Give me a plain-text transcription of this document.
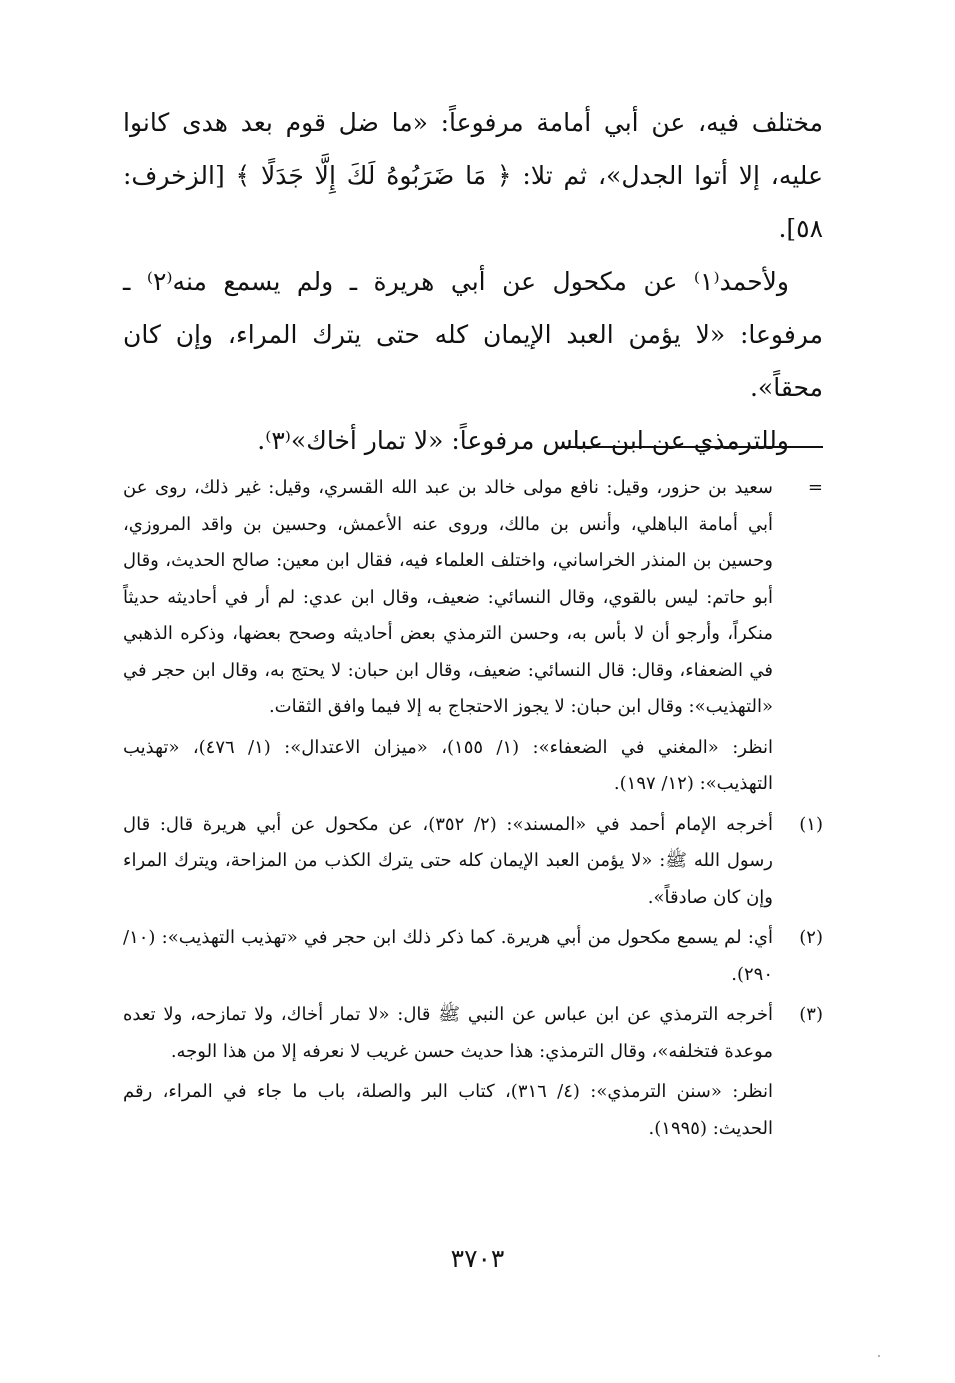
مختلف فيه، عن أبي أمامة مرفوعاً: «ما ضل قوم بعد هدى كانوا عليه، إلا أتوا الجدل»، ثم تلا: ﴿ مَا ضَرَبُوهُ لَكَ إِلَّا جَدَلًا ﴾ [الزخرف: ٥٨].

ولأحمد⁽١⁾ عن مكحول عن أبي هريرة ـ ولم يسمع منه⁽٢⁾ ـ مرفوعا: «لا يؤمن العبد الإيمان كله حتى يترك المراء، وإن كان محقاً».

وللترمذي عن ابن عباس مرفوعاً: «لا تمار أخاك»⁽٣⁾.

=

سعيد بن حزور، وقيل: نافع مولى خالد بن عبد الله القسري، وقيل: غير ذلك، روى عن أبي أمامة الباهلي، وأنس بن مالك، وروى عنه الأعمش، وحسين بن واقد المروزي، وحسين بن المنذر الخراساني، واختلف العلماء فيه، فقال ابن معين: صالح الحديث، وقال أبو حاتم: ليس بالقوي، وقال النسائي: ضعيف، وقال ابن عدي: لم أر في أحاديثه حديثاً منكراً، وأرجو أن لا بأس به، وحسن الترمذي بعض أحاديثه وصحح بعضها، وذكره الذهبي في الضعفاء، وقال: قال النسائي: ضعيف، وقال ابن حبان: لا يحتج به، وقال ابن حجر في «التهذيب»: وقال ابن حبان: لا يجوز الاحتجاج به إلا فيما وافق الثقات.

انظر: «المغني في الضعفاء»: (١/ ١٥٥)، «ميزان الاعتدال»: (١/ ٤٧٦)، «تهذيب التهذيب»: (١٢/ ١٩٧).

(١)

أخرجه الإمام أحمد في «المسند»: (٢/ ٣٥٢)، عن مكحول عن أبي هريرة قال: قال رسول الله ﷺ: «لا يؤمن العبد الإيمان كله حتى يترك الكذب من المزاحة، ويترك المراء وإن كان صادقاً».

(٢)

أي: لم يسمع مكحول من أبي هريرة. كما ذكر ذلك ابن حجر في «تهذيب التهذيب»: (١٠/ ٢٩٠).

(٣)

أخرجه الترمذي عن ابن عباس عن النبي ﷺ قال: «لا تمار أخاك، ولا تمازحه، ولا تعده موعدة فتخلفه»، وقال الترمذي: هذا حديث حسن غريب لا نعرفه إلا من هذا الوجه.

انظر: «سنن الترمذي»: (٤/ ٣١٦)، كتاب البر والصلة، باب ما جاء في المراء، رقم الحديث: (١٩٩٥).

٣٧٠٣
